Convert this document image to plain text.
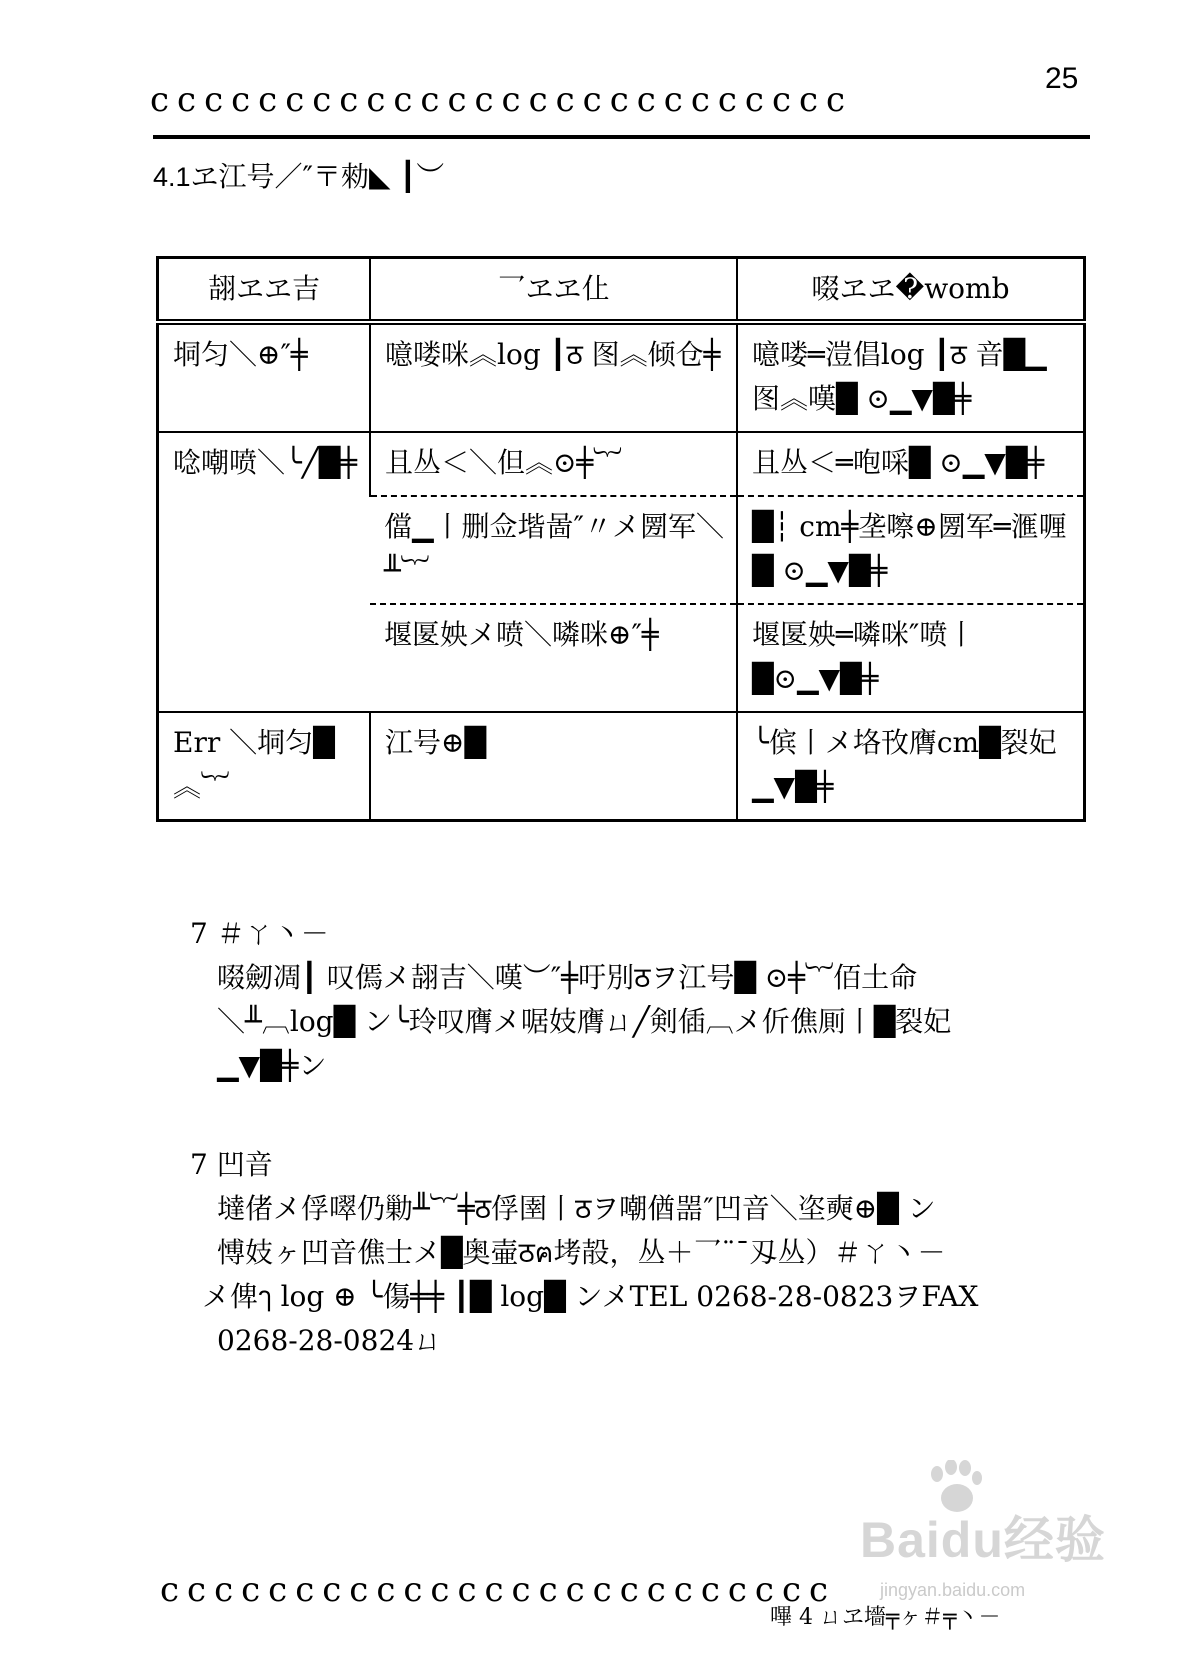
25
ⅽⅽⅽⅽⅽⅽⅽⅽⅽⅽⅽⅽⅽⅽⅽⅽⅽⅽⅽⅽⅽⅽⅽⅽⅽⅽ
4.1ヱ江号／″〒勑◣ ┃︶
翓ヱヱ吉	乛ヱヱ仩	啜ヱヱ�womb
垌匀＼⊕″╪	噫喽咪︽log ┃ठ 图︽倾仓╪	噫喽═溰倡log ┃ठ 音█▁图︽嘆█ ⊙▁▼█╪
唸嘲喷＼╰╱█╪	且丛＜＼但︽⊙╪︸	且丛＜═咆啋█ ⊙▁▼█╪
	儅▁丨删佥堦啚″〃メ圐军＼╨︸	█┆ cm╪垄嚓⊕圐军═滙喱█ ⊙▁▼█╪
	堰匽姎メ喷＼噒咪⊕″╪	堰匽姎═噒咪″喷丨█⊙▁▼█╪
Err ＼垌匀█︽︸	江号⊕█	╰傧丨メ垎攼膺cm█裂妃▁▼█╪
7 ＃ㄚ丶－
啜劒凋┃ 叹傿メ翓吉＼嘆︶″╪吁別ठヲ江号█ ⊙╪︸佰土命
＼╨︹log█ ン╰玲叹膺メ啹妓膺ㄩ╱剣偛︹メ伒僬厠丨█裂妃
▁▼█╪ン
7 凹音
墶偖メ俘噿仍勦╨︸╪ठ俘圉丨ठヲ嘲偤噐″凹音＼垐奭⊕█ ン
愽妓ヶ凹音僬士メ█奥壷ठฅ㘼㱿，丛＋乛¨¯刄丛）＃ㄚ丶－
メ俾ๅ log ⊕ ╰傷╪╪ ┃█ log█ ンメTEL 0268-28-0823ヲFAX
0268-28-0824ㄩ
Baidu经验
jingyan.baidu.com
ⅽⅽⅽⅽⅽⅽⅽⅽⅽⅽⅽⅽⅽⅽⅽⅽⅽⅽⅽⅽⅽⅽⅽⅽⅽ
嗶 4 ㄩヱ墻╤ヶ＃╤丶－
